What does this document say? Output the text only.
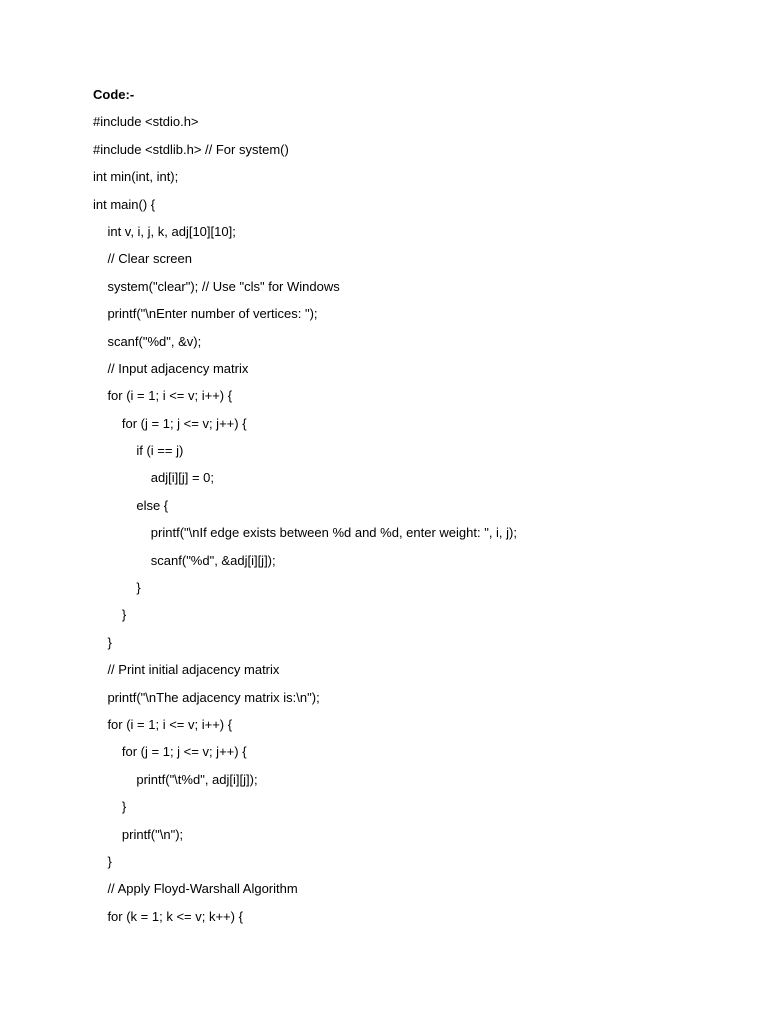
Code:-
#include <stdio.h>
#include <stdlib.h> // For system()
int min(int, int);
int main() {
int v, i, j, k, adj[10][10];
// Clear screen
system("clear"); // Use "cls" for Windows
printf("\nEnter number of vertices: ");
scanf("%d", &v);
// Input adjacency matrix
for (i = 1; i <= v; i++) {
for (j = 1; j <= v; j++) {
if (i == j)
adj[i][j] = 0;
else {
printf("\nIf edge exists between %d and %d, enter weight: ", i, j);
scanf("%d", &adj[i][j]);
}
}
}
// Print initial adjacency matrix
printf("\nThe adjacency matrix is:\n");
for (i = 1; i <= v; i++) {
for (j = 1; j <= v; j++) {
printf("\t%d", adj[i][j]);
}
printf("\n");
}
// Apply Floyd-Warshall Algorithm
for (k = 1; k <= v; k++) {
